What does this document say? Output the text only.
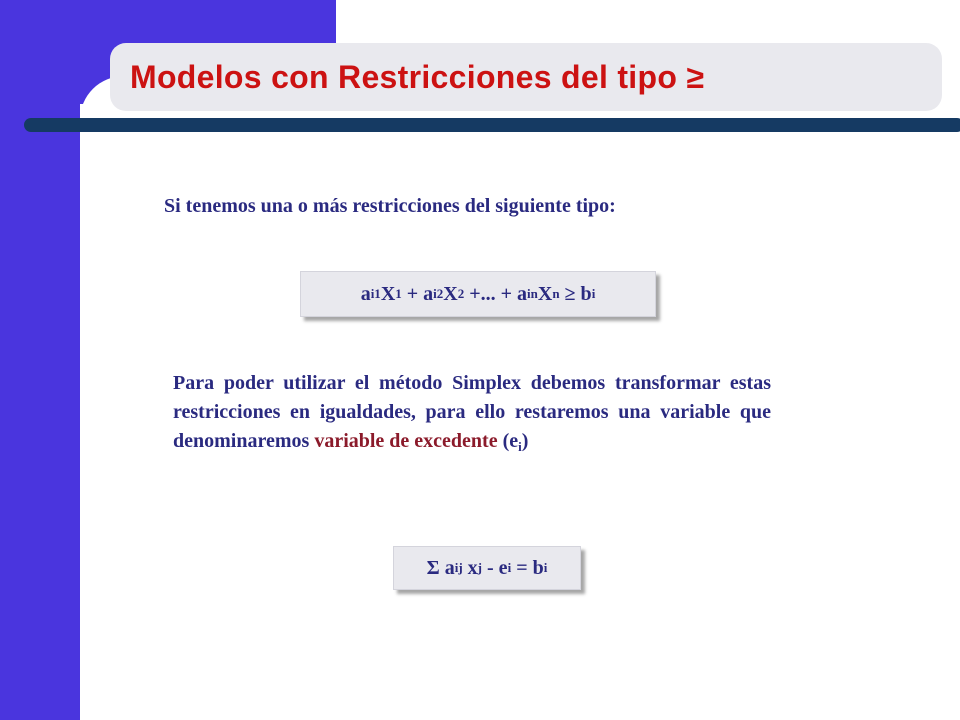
Modelos con Restricciones del tipo ≥

Si tenemos una o más restricciones del siguiente tipo:

a i1 X 1
+ a i2 X 2
+... + a in X n
≥ b i

Para poder utilizar el método Simplex debemos transformar estas restricciones en igualdades, para ello restaremos una variable que denominaremos variable de excedente $(e_i)$

Σ a ij
x j
- e i
= b i
